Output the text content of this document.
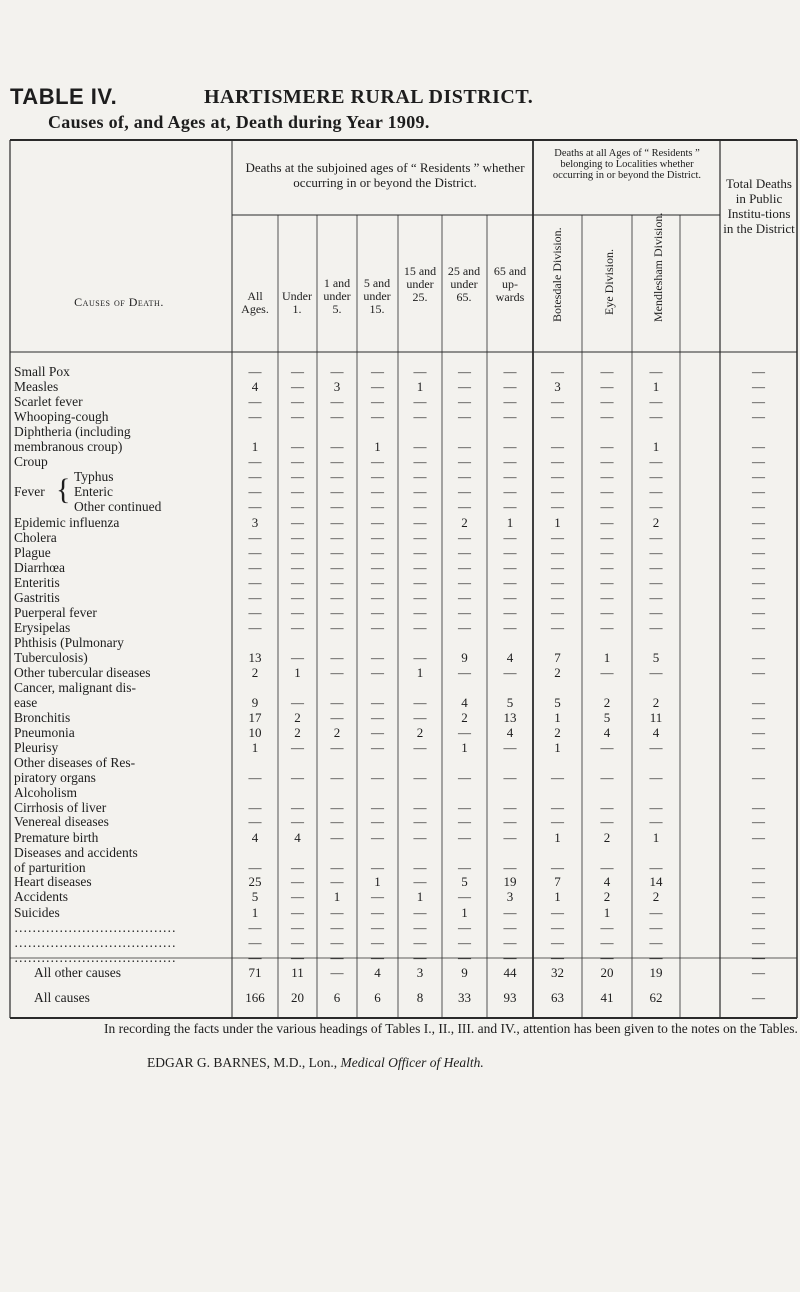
TABLE IV.	HARTISMERE RURAL DISTRICT.
Causes of, and Ages at, Death during Year 1909.
Causes of Death.
Deaths at the subjoined ages of “ Residents ” whether occurring in or beyond the District.
All Ages.
Under 1.
1 and under 5.
5 and under 15.
15 and under 25.
25 and under 65.
65 and up-wards
Deaths at all Ages of “ Residents ” belonging to Localities whether occurring in or beyond the District.
Botesdale Division.	Eye Division.	Mendlesham Division.
Total Deaths in Public Institu-tions in the District
Small Pox	—	—	—	—	—	—	—	—	—	—	—
Measles	4	—	3	—	1	—	—	3	—	1	—
Scarlet fever	—	—	—	—	—	—	—	—	—	—	—
Whooping-cough	—	—	—	—	—	—	—	—	—	—	—
Diphtheria (including
membranous croup)	1	—	—	1	—	—	—	—	—	1	—
Croup	—	—	—	—	—	—	—	—	—	—	—
Typhus	—	—	—	—	—	—	—	—	—	—	—
Enteric	—	—	—	—	—	—	—	—	—	—	—
Other continued	—	—	—	—	—	—	—	—	—	—	—
Epidemic influenza	3	—	—	—	—	2	1	1	—	2	—
Cholera	—	—	—	—	—	—	—	—	—	—	—
Plague	—	—	—	—	—	—	—	—	—	—	—
Diarrhœa	—	—	—	—	—	—	—	—	—	—	—
Enteritis	—	—	—	—	—	—	—	—	—	—	—
Gastritis	—	—	—	—	—	—	—	—	—	—	—
Puerperal fever	—	—	—	—	—	—	—	—	—	—	—
Erysipelas	—	—	—	—	—	—	—	—	—	—	—
Phthisis (Pulmonary
Tuberculosis)	13	—	—	—	—	9	4	7	1	5	—
Other tubercular diseases	2	1	—	—	1	—	—	2	—	—	—
Cancer, malignant dis-
ease	9	—	—	—	—	4	5	5	2	2	—
Bronchitis	17	2	—	—	—	2	13	1	5	11	—
Pneumonia	10	2	2	—	2	—	4	2	4	4	—
Pleurisy	1	—	—	—	—	1	—	1	—	—	—
Other diseases of Res-
piratory organs	—	—	—	—	—	—	—	—	—	—	—
Alcoholism
Cirrhosis of liver	—	—	—	—	—	—	—	—	—	—	—
Venereal diseases	—	—	—	—	—	—	—	—	—	—	—
Premature birth	4	4	—	—	—	—	—	1	2	1	—
Diseases and accidents
of parturition	—	—	—	—	—	—	—	—	—	—	—
Heart diseases	25	—	—	1	—	5	19	7	4	14	—
Accidents	5	—	1	—	1	—	3	1	2	2	—
Suicides	1	—	—	—	—	1	—	—	1	—	—
………………………………	—	—	—	—	—	—	—	—	—	—	—
………………………………	—	—	—	—	—	—	—	—	—	—	—
………………………………	—	—	—	—	—	—	—	—	—	—	—
All other causes	71	11	—	4	3	9	44	32	20	19	—
All causes	166	20	6	6	8	33	93	63	41	62	—
Fever {
In recording the facts under the various headings of Tables I., II., III. and IV., attention has been given to the notes on the Tables.
EDGAR G. BARNES, M.D., Lon., Medical Officer of Health.
